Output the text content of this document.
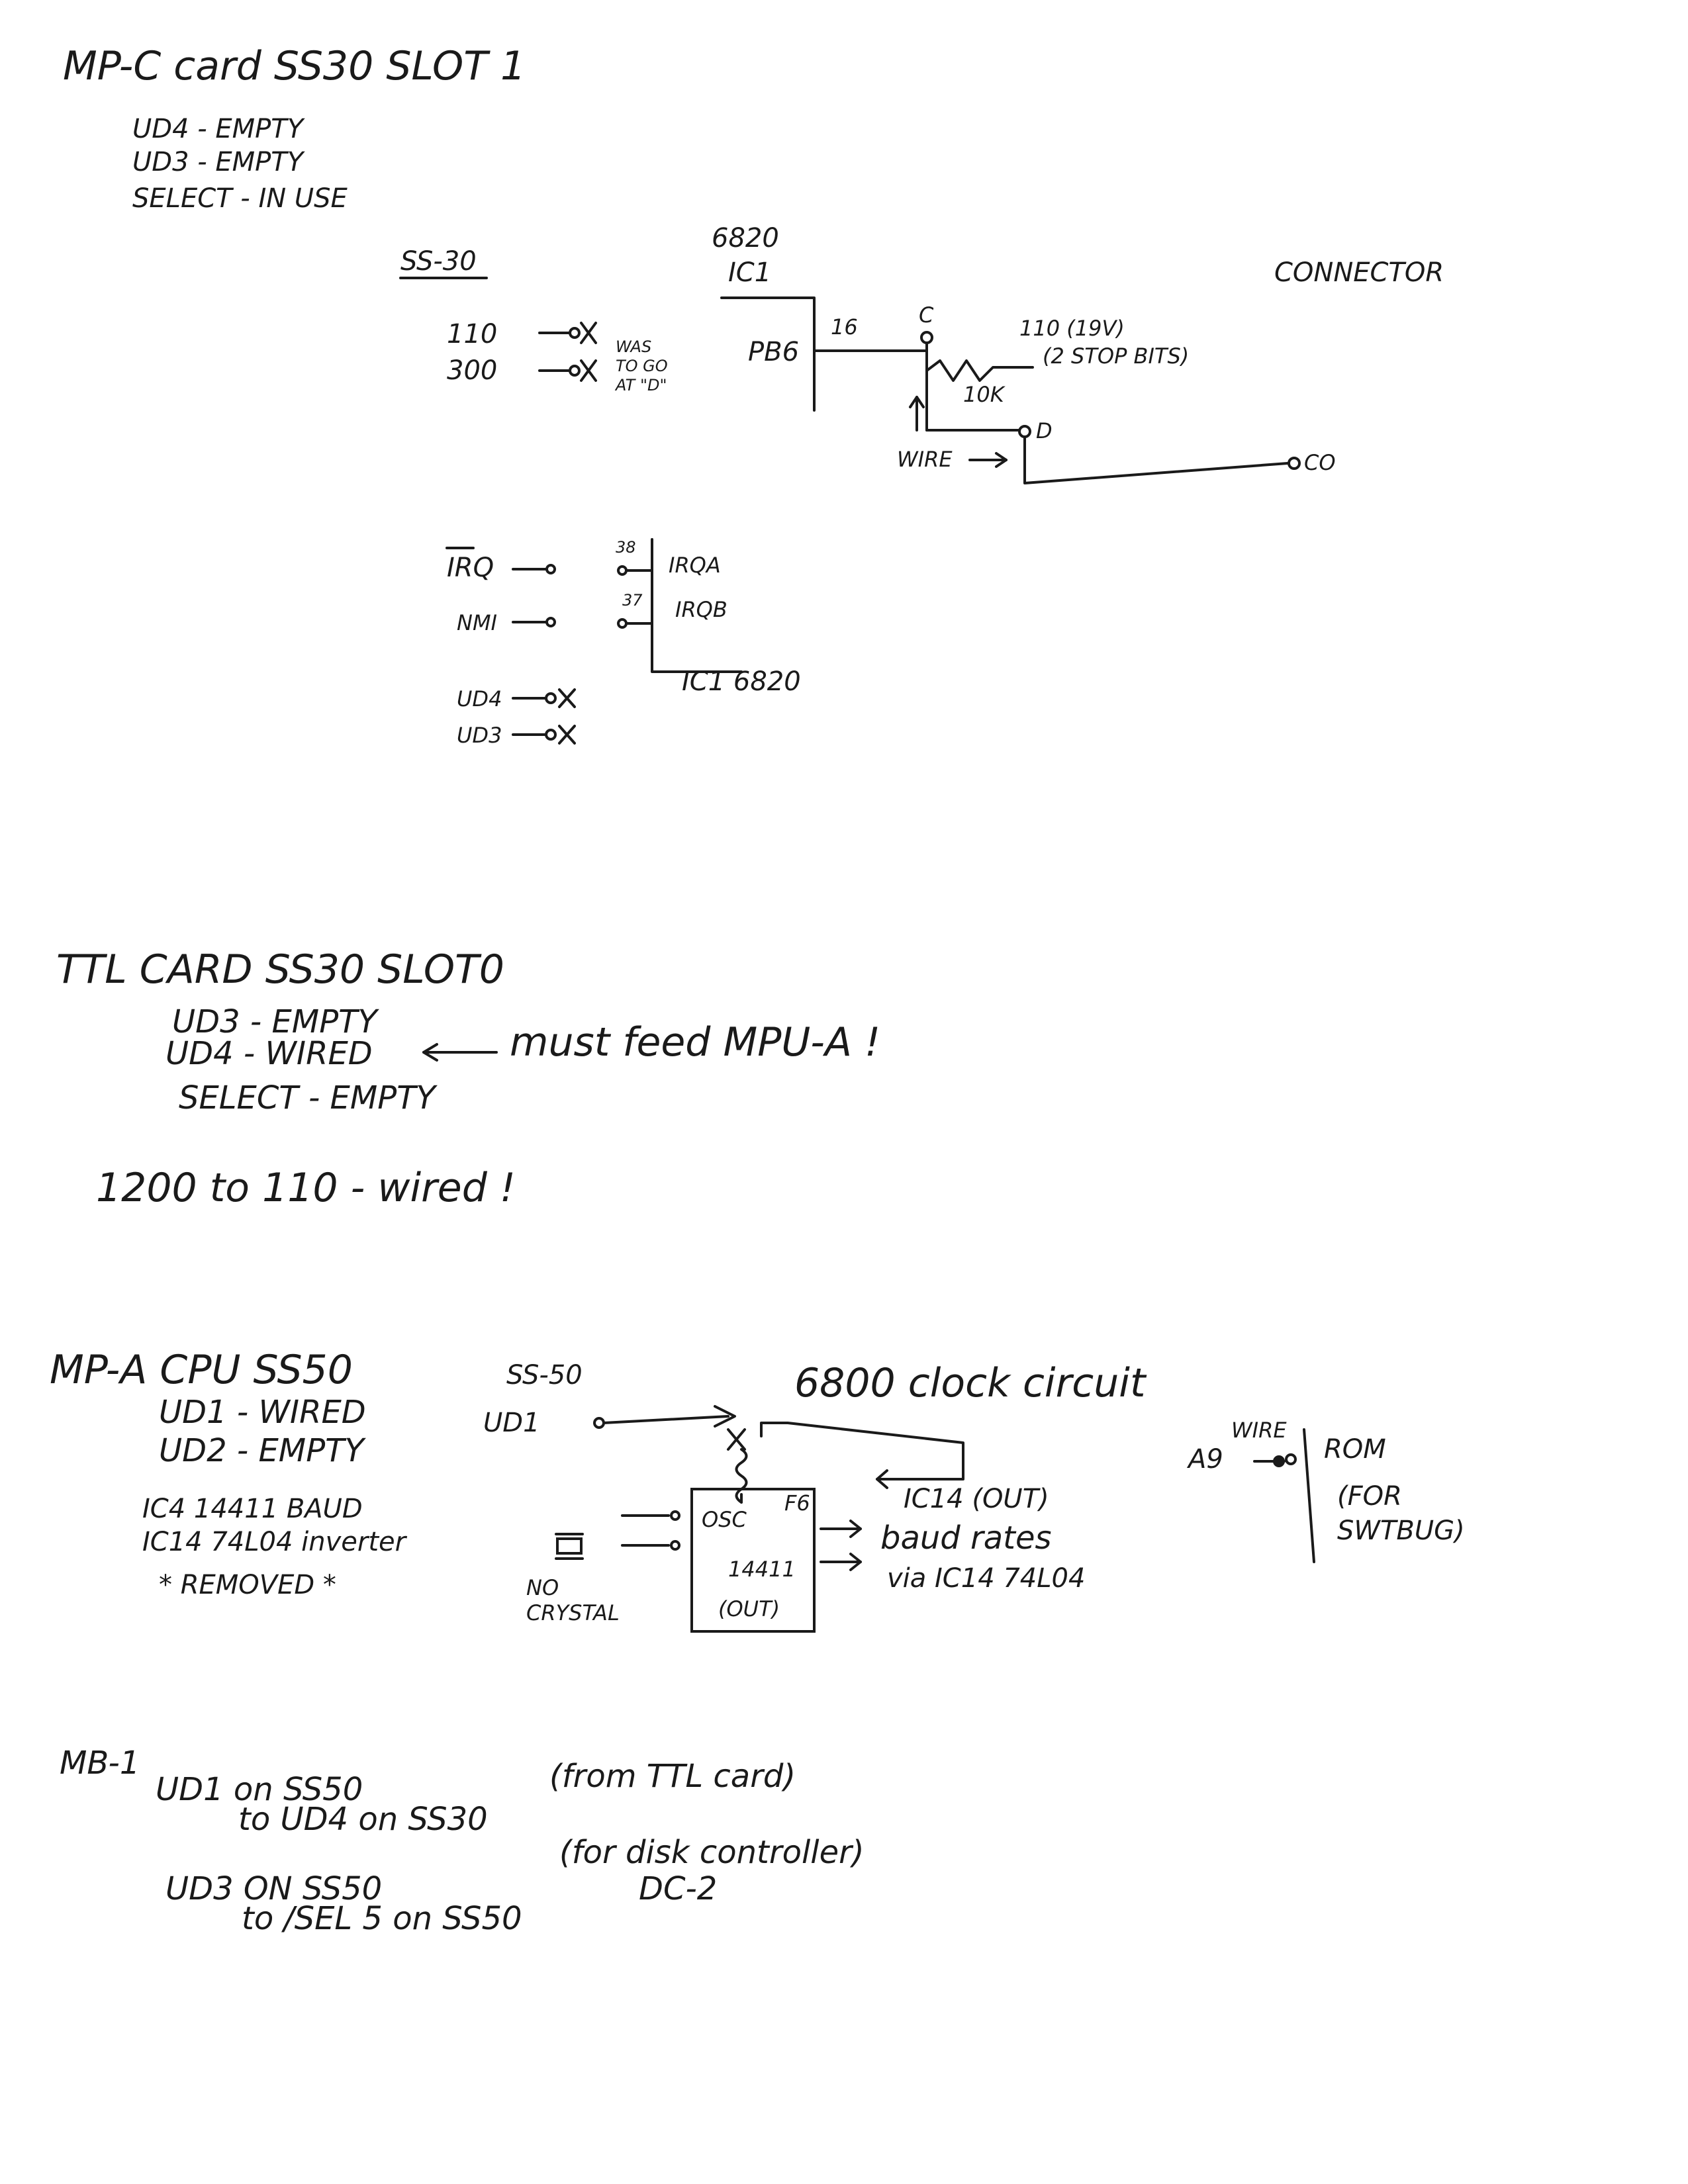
MP-C card SS30 SLOT 1
UD4 - EMPTY
UD3 - EMPTY
SELECT - IN USE
SS-30
6820
IC1	CONNECTOR
110
300
WAS TO GO AT "D"
PB6
16	C
110 (19V)
(2 STOP BITS)
10K
WIRE
D
CO
IRQ
NMI
38
37
IRQA
IRQB
IC1 6820
UD4
UD3
TTL CARD SS30 SLOT0
UD3 - EMPTY
UD4 - WIRED	must feed MPU-A !
SELECT - EMPTY
1200 to 110 - wired !
MP-A CPU SS50
UD1 - WIRED
UD2 - EMPTY
IC4 14411 BAUD
IC14 74L04 inverter
* REMOVED *
SS-50
UD1
6800 clock circuit
OSC
F6
14411
(OUT)
IC14 (OUT)
baud rates
via IC14 74L04
NO CRYSTAL
A9
WIRE
ROM
(FOR SWTBUG)
MB-1
UD1 on SS50
to UD4 on SS30
(from TTL card)
UD3 ON SS50
to /SEL 5 on SS50
(for disk controller)
DC-2
